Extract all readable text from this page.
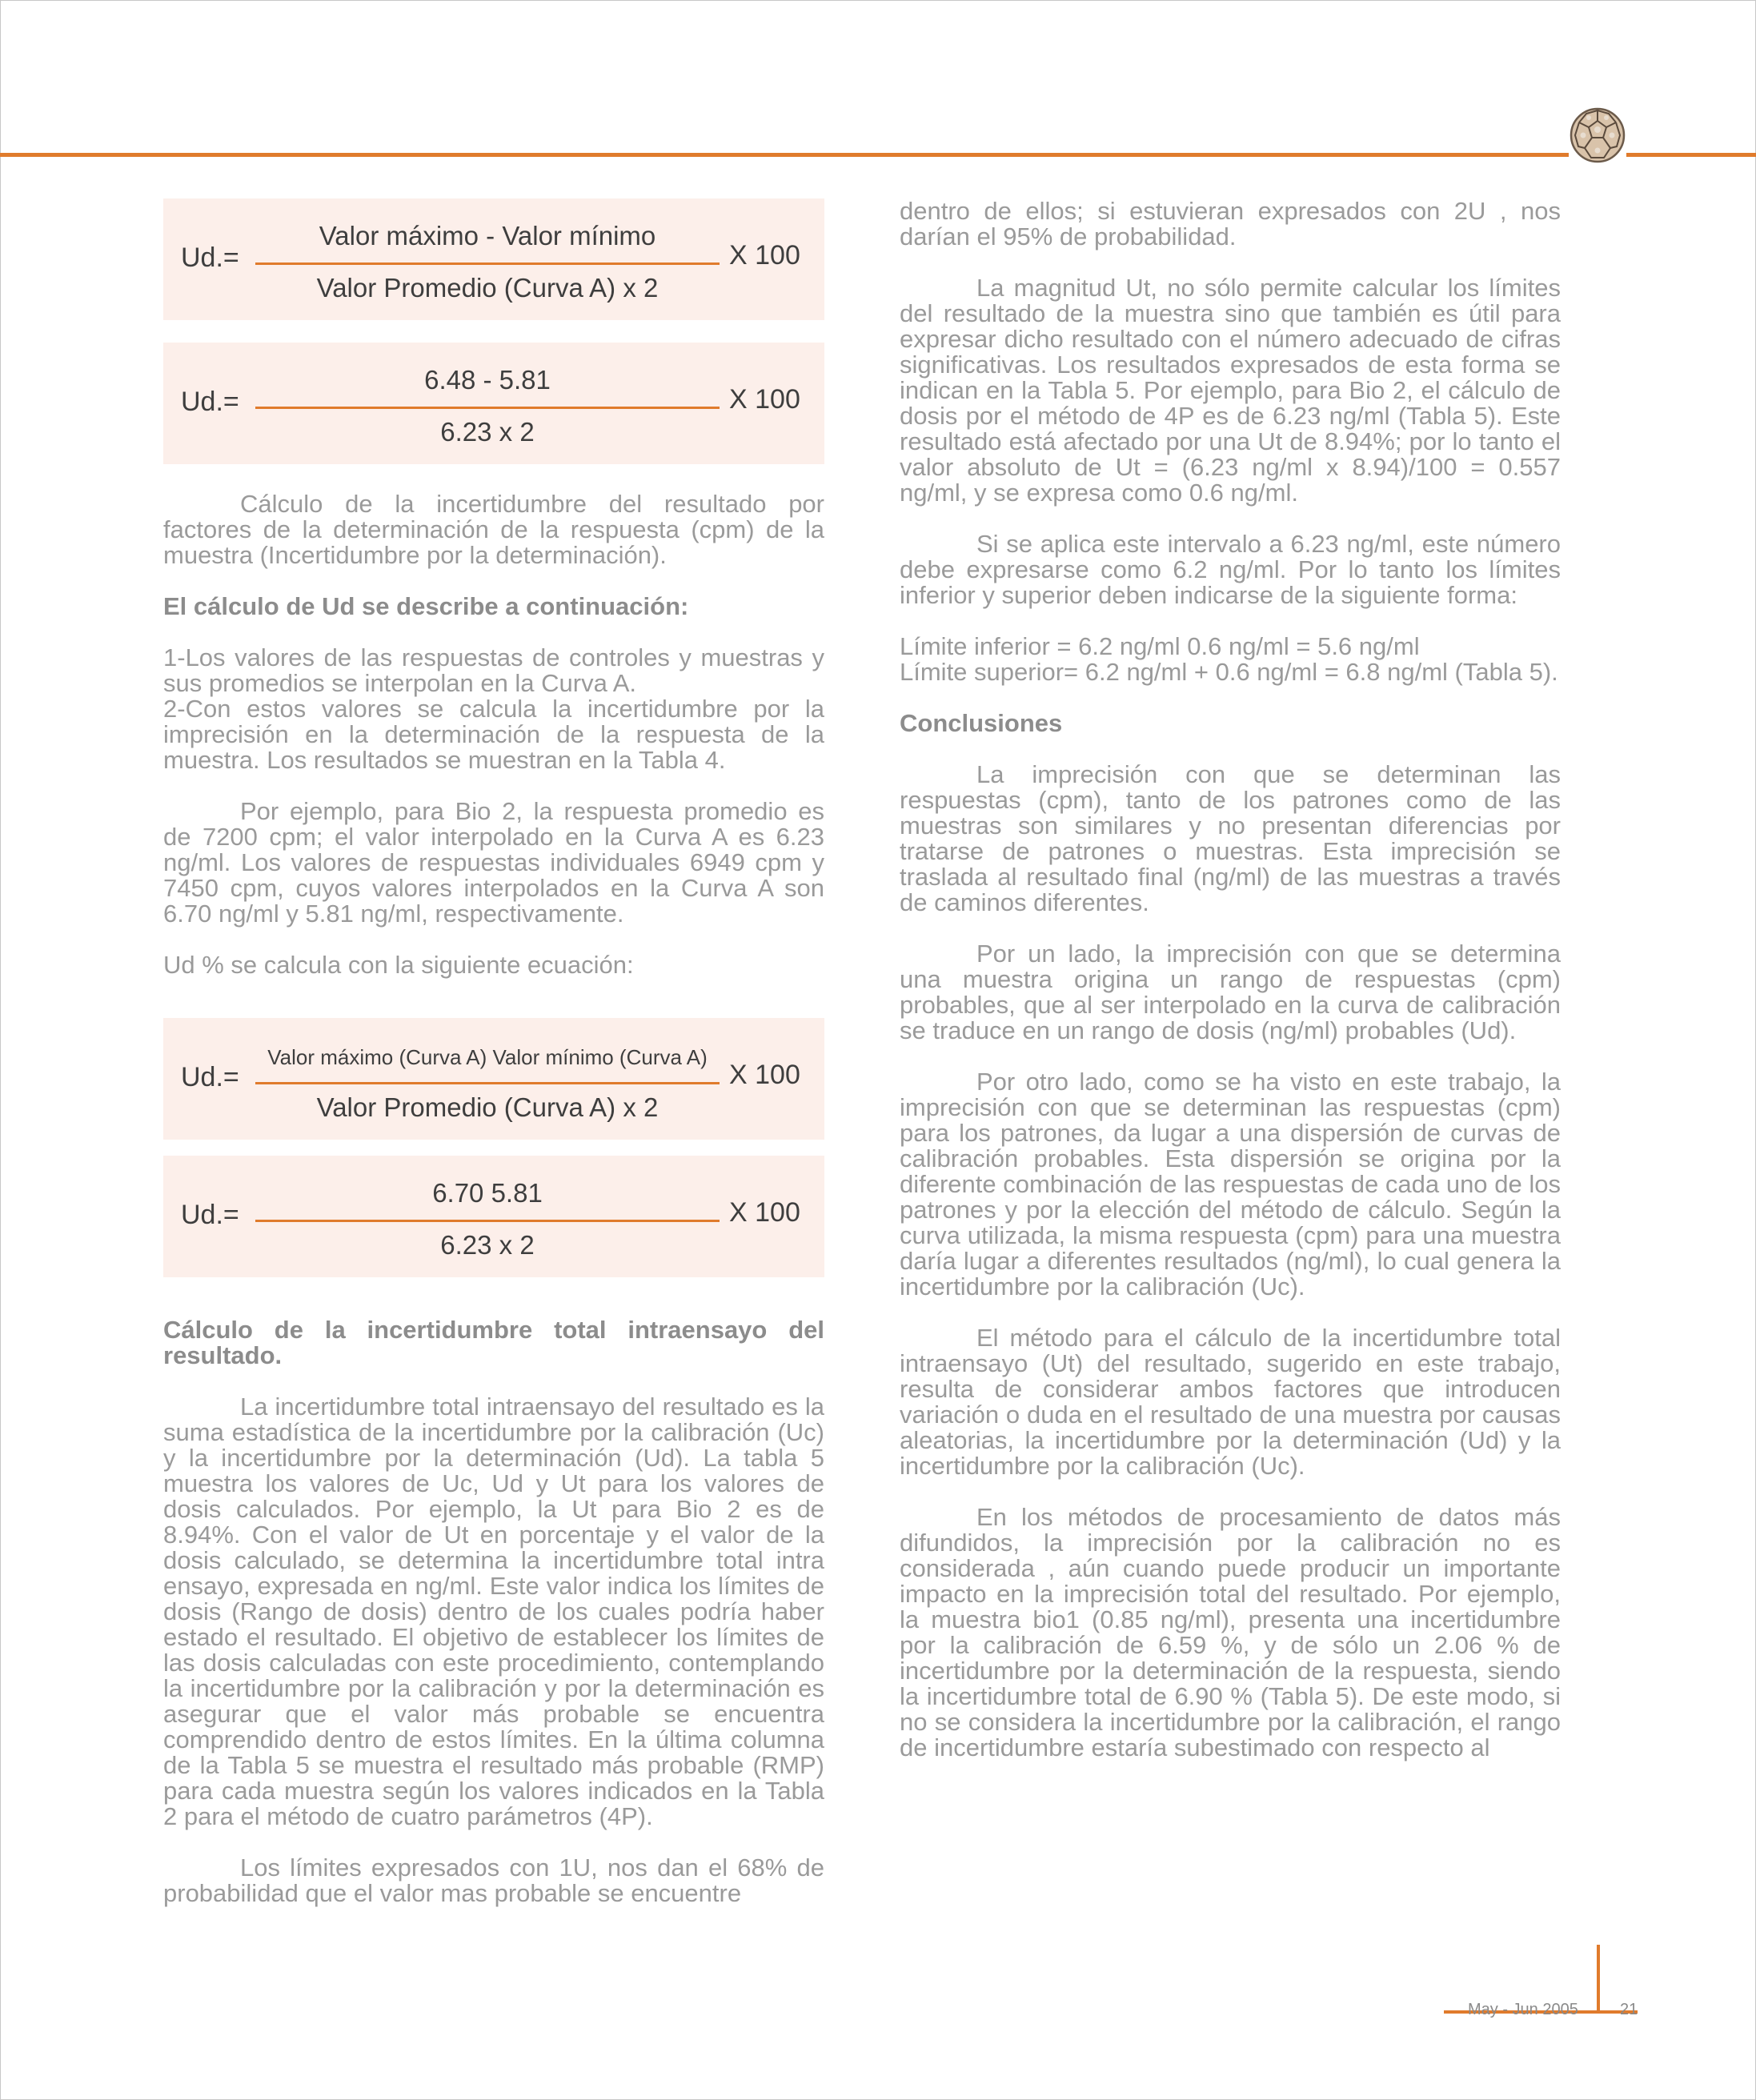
Ud.=
Valor máximo - Valor mínimo
Valor Promedio (Curva A) x 2
X 100
Ud.=
6.48 - 5.81
6.23 x 2
X 100

Cálculo de la incertidumbre del resultado por factores de la determinación de la respuesta (cpm) de la muestra (Incertidumbre por la determinación).

El cálculo de Ud se describe a continuación:

1-Los valores de las respuestas de controles y muestras y sus promedios se interpolan en la Curva A.

2-Con estos valores se calcula la incertidumbre por la imprecisión en la determinación de la respuesta de la muestra. Los resultados se muestran en la Tabla 4.

Por ejemplo, para Bio 2, la respuesta promedio es de 7200 cpm; el valor interpolado en la Curva A es 6.23 ng/ml. Los valores de respuestas individuales 6949 cpm y 7450 cpm, cuyos valores interpolados en la Curva A son 6.70 ng/ml y 5.81 ng/ml, respectivamente.

Ud % se calcula con la siguiente ecuación:

Ud.=
Valor máximo (Curva A) Valor mínimo (Curva A)
Valor Promedio (Curva A) x 2
X 100
Ud.=
6.70 5.81
6.23 x 2
X 100

Cálculo de la incertidumbre total intraensayo del resultado.

La incertidumbre total intraensayo del resultado es la suma estadística de la incertidumbre por la calibración (Uc) y la incertidumbre por la determinación (Ud). La tabla 5 muestra los valores de Uc, Ud y Ut para los valores de dosis calculados. Por ejemplo, la Ut para Bio 2 es de 8.94%. Con el valor de Ut en porcentaje y el valor de la dosis calculado, se determina la incertidumbre total intra ensayo, expresada en ng/ml. Este valor indica los límites de dosis (Rango de dosis) dentro de los cuales podría haber estado el resultado. El objetivo de establecer los límites de las dosis calculadas con este procedimiento, contemplando la incertidumbre por la calibración y por la determinación es asegurar que el valor más probable se encuentra comprendido dentro de estos límites. En la última columna de la Tabla 5 se muestra el resultado más probable (RMP) para cada muestra según los valores indicados en la Tabla 2 para el método de cuatro parámetros (4P).

Los límites expresados con 1U, nos dan el 68% de probabilidad que el valor mas probable se encuentre

dentro de ellos; si estuvieran expresados con 2U , nos darían el 95% de probabilidad.

La magnitud Ut, no sólo permite calcular los límites del resultado de la muestra sino que también es útil para expresar dicho resultado con el número adecuado de cifras significativas. Los resultados expresados de esta forma se indican en la Tabla 5. Por ejemplo, para Bio 2, el cálculo de dosis por el método de 4P es de 6.23 ng/ml (Tabla 5). Este resultado está afectado por una Ut de 8.94%; por lo tanto el valor absoluto de Ut = (6.23 ng/ml x 8.94)/100 = 0.557 ng/ml, y se expresa como 0.6 ng/ml.

Si se aplica este intervalo a 6.23 ng/ml, este número debe expresarse como 6.2 ng/ml. Por lo tanto los límites inferior y superior deben indicarse de la siguiente forma:

Límite inferior = 6.2 ng/ml 0.6 ng/ml = 5.6 ng/ml

Límite superior= 6.2 ng/ml + 0.6 ng/ml = 6.8 ng/ml (Tabla 5).

Conclusiones

La imprecisión con que se determinan las respuestas (cpm), tanto de los patrones como de las muestras son similares y no presentan diferencias por tratarse de patrones o muestras. Esta imprecisión se traslada al resultado final (ng/ml) de las muestras a través de caminos diferentes.

Por un lado, la imprecisión con que se determina una muestra origina un rango de respuestas (cpm) probables, que al ser interpolado en la curva de calibración se traduce en un rango de dosis (ng/ml) probables (Ud).

Por otro lado, como se ha visto en este trabajo, la imprecisión con que se determinan las respuestas (cpm) para los patrones, da lugar a una dispersión de curvas de calibración probables. Esta dispersión se origina por la diferente combinación de las respuestas de cada uno de los patrones y por la elección del método de cálculo. Según la curva utilizada, la misma respuesta (cpm) para una muestra daría lugar a diferentes resultados (ng/ml), lo cual genera la incertidumbre por la calibración (Uc).

El método para el cálculo de la incertidumbre total intraensayo (Ut) del resultado, sugerido en este trabajo, resulta de considerar ambos factores que introducen variación o duda en el resultado de una muestra por causas aleatorias, la incertidumbre por la determinación (Ud) y la incertidumbre por la calibración (Uc).

En los métodos de procesamiento de datos más difundidos, la imprecisión por la calibración no es considerada , aún cuando puede producir un importante impacto en la imprecisión total del resultado. Por ejemplo, la muestra bio1 (0.85 ng/ml), presenta una incertidumbre por la calibración de 6.59 %, y de sólo un 2.06 % de incertidumbre por la determinación de la respuesta, siendo la incertidumbre total de 6.90 % (Tabla 5). De este modo, si no se considera la incertidumbre por la calibración, el rango de incertidumbre estaría subestimado con respecto al

May - Jun 2005	21
